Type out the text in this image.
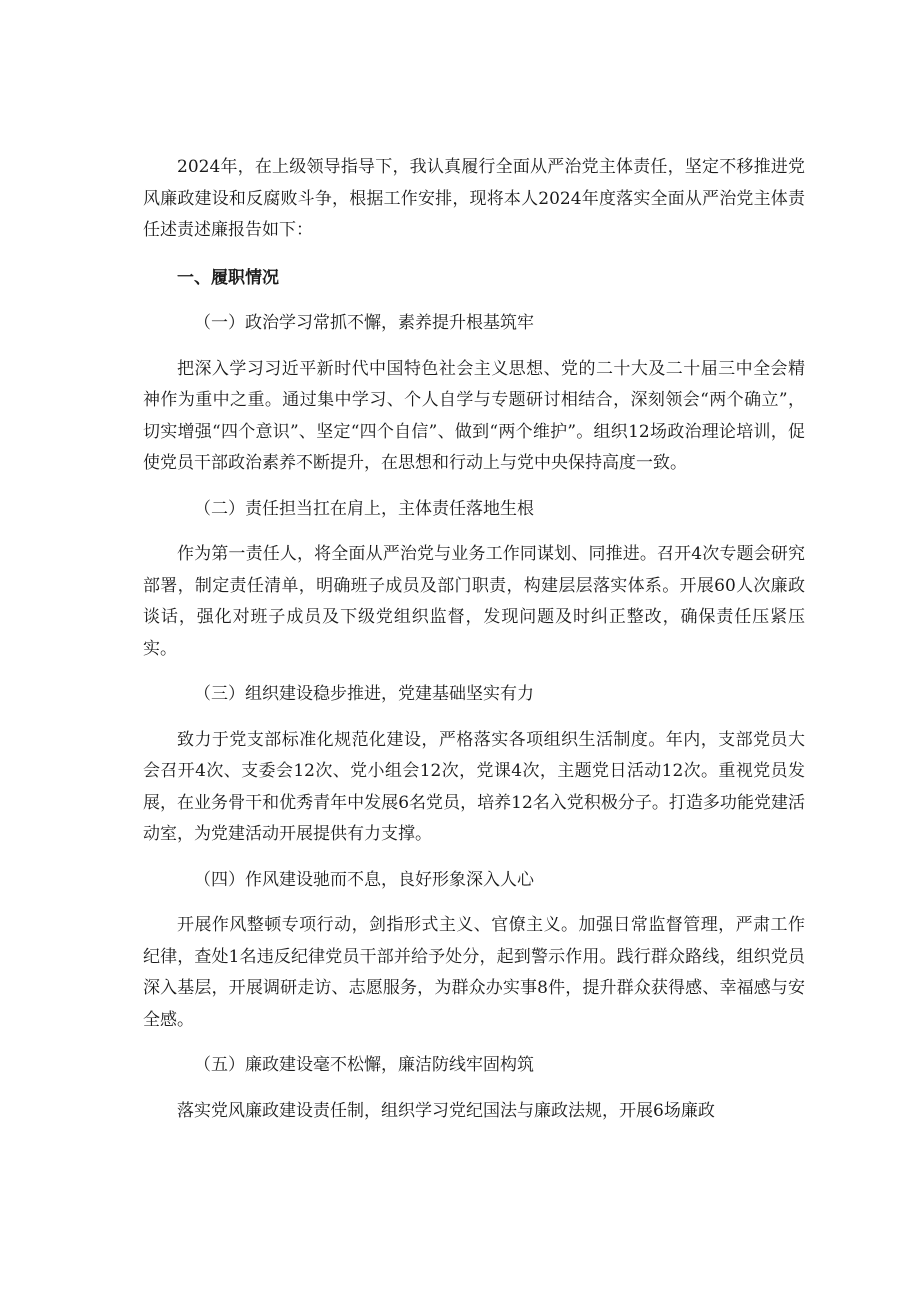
2024年，在上级领导指导下，我认真履行全面从严治党主体责任，坚定不移推进党风廉政建设和反腐败斗争，根据工作安排，现将本人2024年度落实全面从严治党主体责任述责述廉报告如下：

一、履职情况

（一）政治学习常抓不懈，素养提升根基筑牢

把深入学习习近平新时代中国特色社会主义思想、党的二十大及二十届三中全会精神作为重中之重。通过集中学习、个人自学与专题研讨相结合，深刻领会“两个确立”，切实增强“四个意识”、坚定“四个自信”、做到“两个维护”。组织12场政治理论培训，促使党员干部政治素养不断提升，在思想和行动上与党中央保持高度一致。

（二）责任担当扛在肩上，主体责任落地生根

作为第一责任人，将全面从严治党与业务工作同谋划、同推进。召开4次专题会研究部署，制定责任清单，明确班子成员及部门职责，构建层层落实体系。开展60人次廉政谈话，强化对班子成员及下级党组织监督，发现问题及时纠正整改，确保责任压紧压实。

（三）组织建设稳步推进，党建基础坚实有力

致力于党支部标准化规范化建设，严格落实各项组织生活制度。年内，支部党员大会召开4次、支委会12次、党小组会12次，党课4次，主题党日活动12次。重视党员发展，在业务骨干和优秀青年中发展6名党员，培养12名入党积极分子。打造多功能党建活动室，为党建活动开展提供有力支撑。

（四）作风建设驰而不息，良好形象深入人心

开展作风整顿专项行动，剑指形式主义、官僚主义。加强日常监督管理，严肃工作纪律，查处1名违反纪律党员干部并给予处分，起到警示作用。践行群众路线，组织党员深入基层，开展调研走访、志愿服务，为群众办实事8件，提升群众获得感、幸福感与安全感。

（五）廉政建设毫不松懈，廉洁防线牢固构筑

落实党风廉政建设责任制，组织学习党纪国法与廉政法规，开展6场廉政
